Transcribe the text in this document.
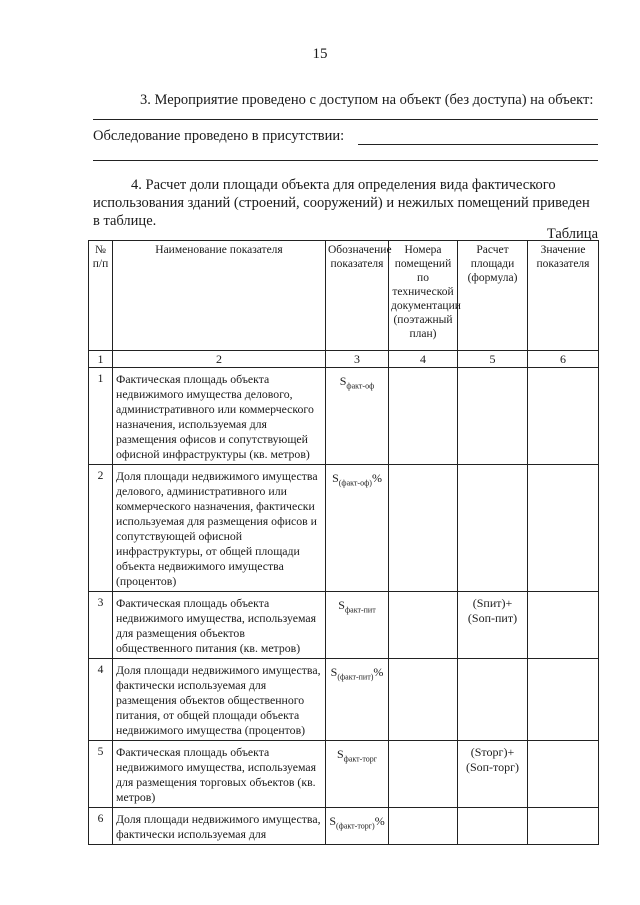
15
3. Мероприятие проведено с доступом на объект (без доступа) на объект:
Обследование проведено в присутствии:
4. Расчет доли площади объекта для определения вида фактического
использования зданий (строений, сооружений) и нежилых помещений приведен
в таблице.
Таблица
№ п/п	Наименование показателя	Обозначение показателя	Номера помещений по технической документации (поэтажный план)	Расчет площади (формула)	Значение показателя
1	2	3	4	5	6
1	Фактическая площадь объекта недвижимого имущества делового, административного или коммерческого назначения, используемая для размещения офисов и сопутствующей офисной инфраструктуры (кв. метров)	$S_{факт-оф}$			
2	Доля площади недвижимого имущества делового, административного или коммерческого назначения, фактически используемая для размещения офисов и сопутствующей офисной инфраструктуры, от общей площади объекта недвижимого имущества (процентов)	$S_{(факт-оф)}\%$			
3	Фактическая площадь объекта недвижимого имущества, используемая для размещения объектов общественного питания (кв. метров)	$S_{факт-пит}$		(Sпит)+ (Sоп-пит)	
4	Доля площади недвижимого имущества, фактически используемая для размещения объектов общественного питания, от общей площади объекта недвижимого имущества (процентов)	$S_{(факт-пит)}\%$			
5	Фактическая площадь объекта недвижимого имущества, используемая для размещения торговых объектов (кв. метров)	$S_{факт-торг}$		(Sторг)+ (Sоп-торг)	
6	Доля площади недвижимого имущества, фактически используемая для	$S_{(факт-торг)}\%$			
